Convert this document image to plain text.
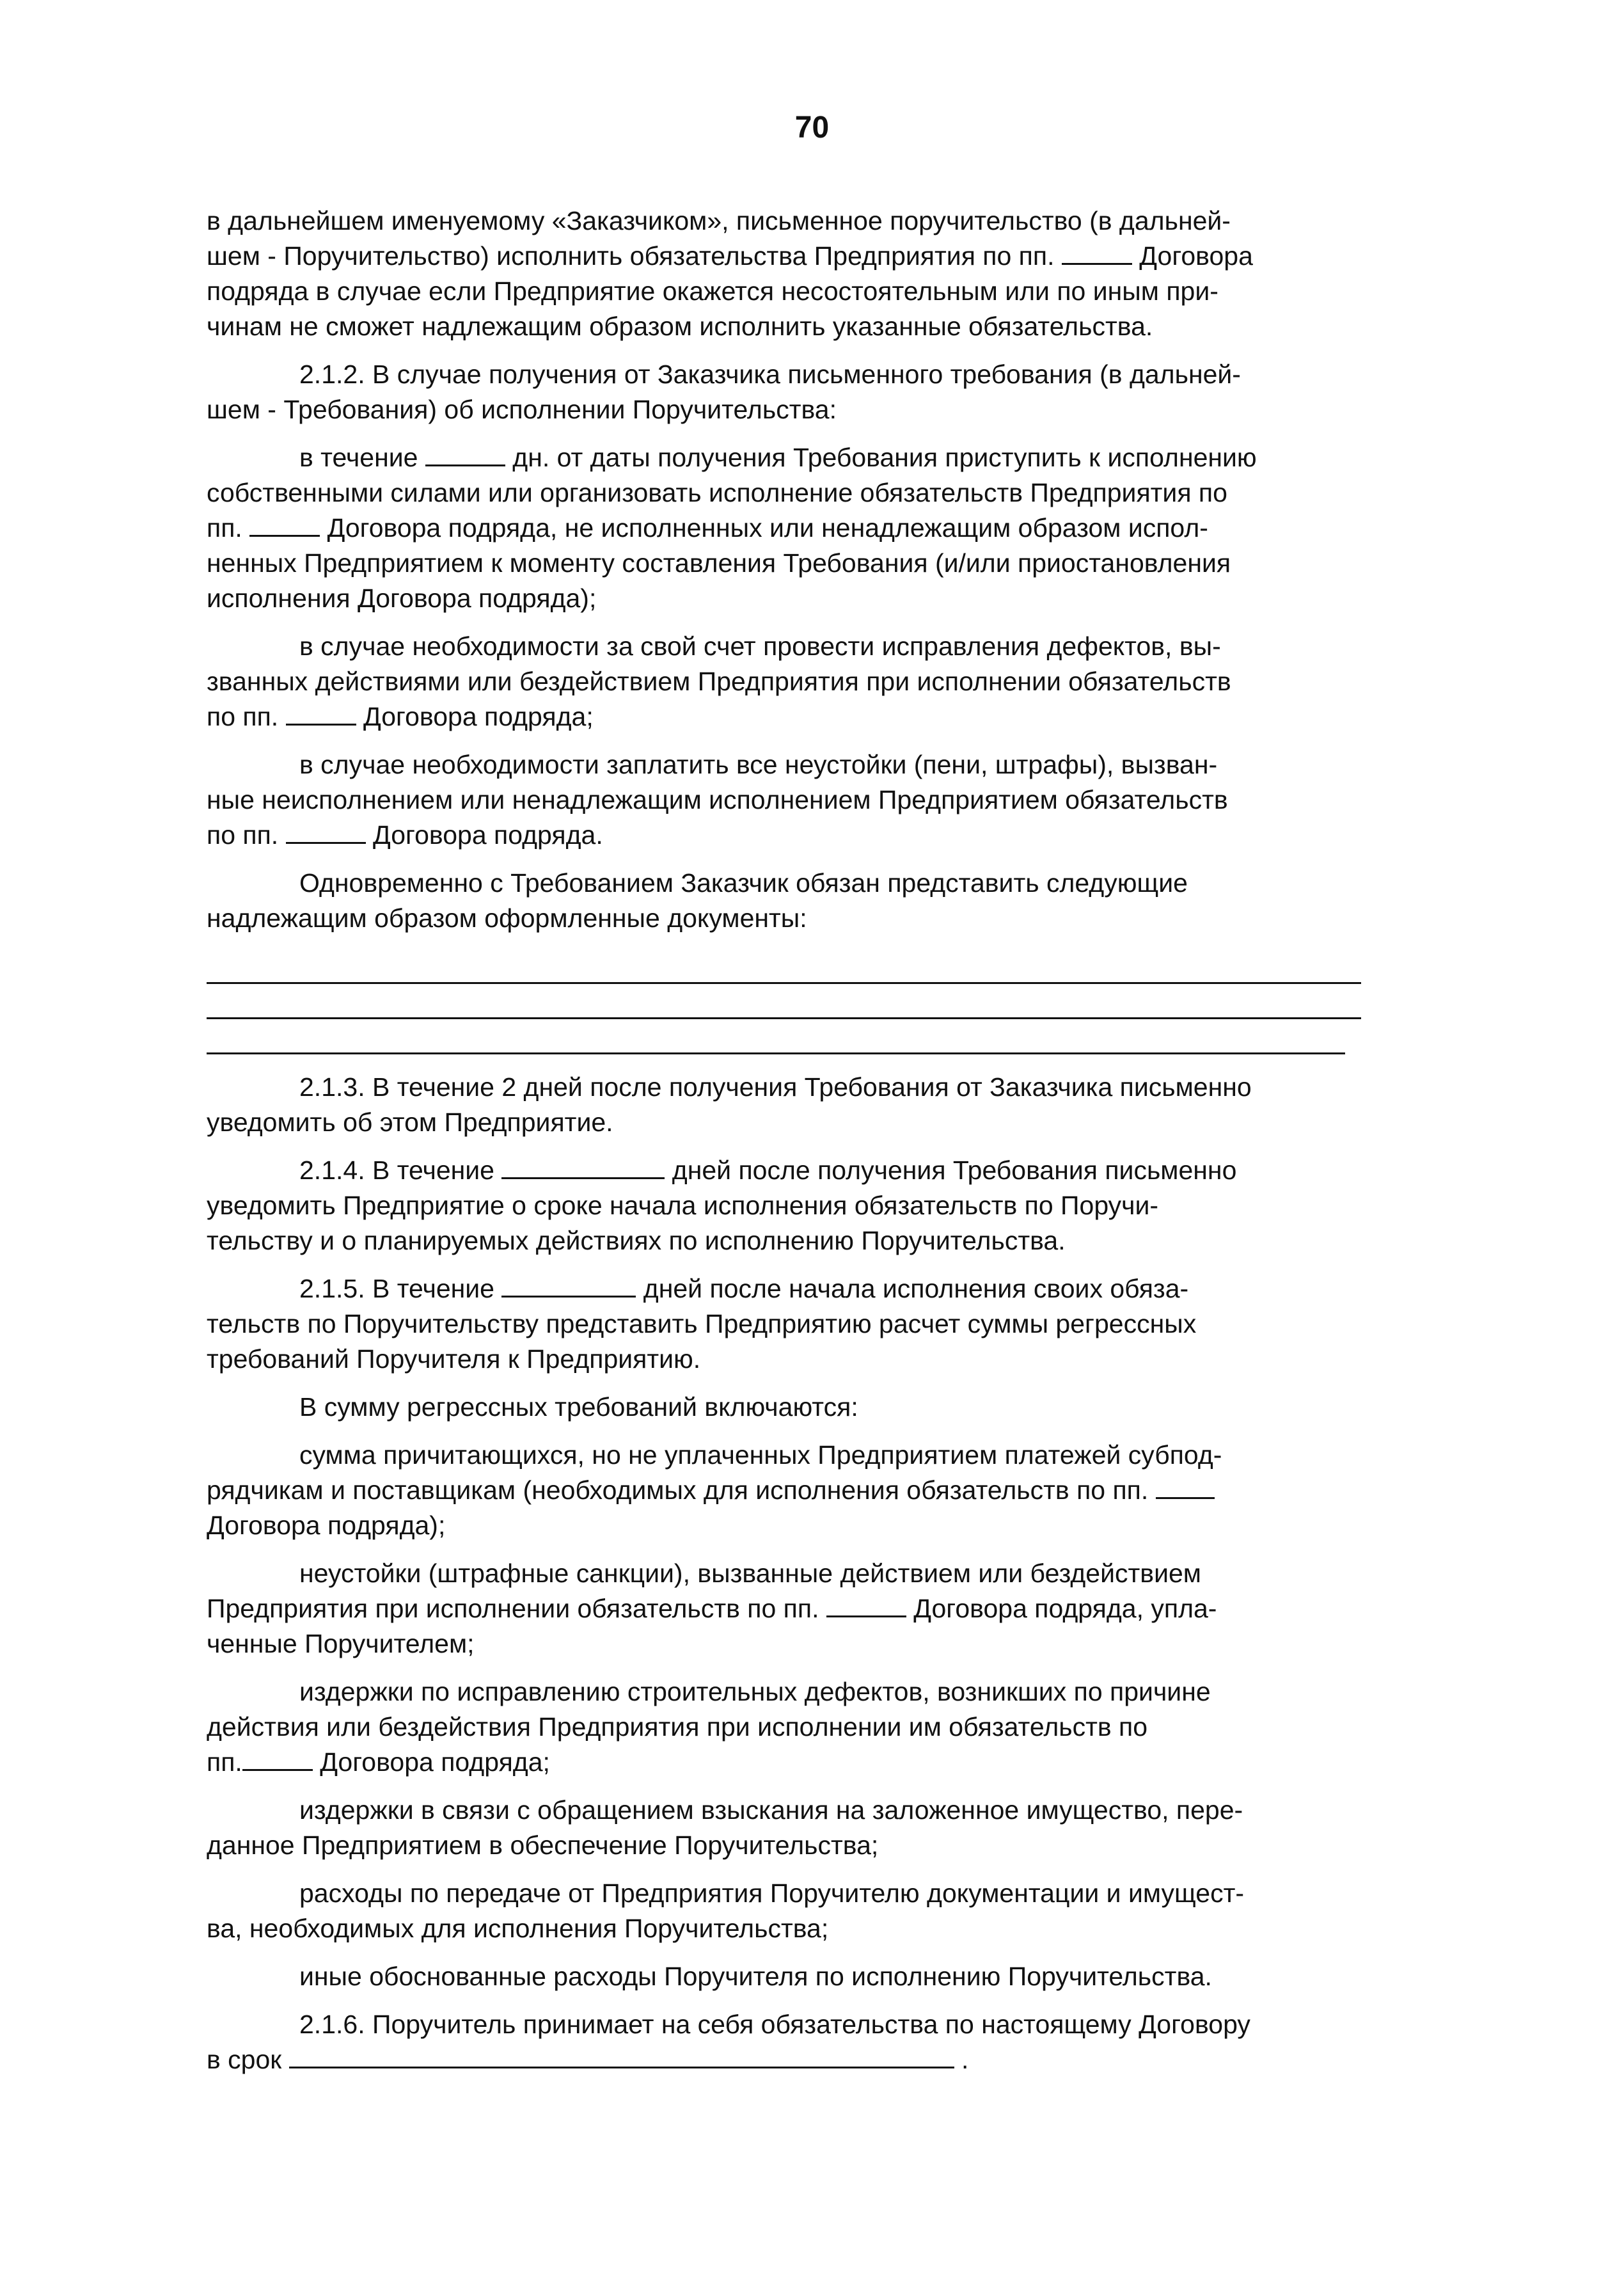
70
в дальнейшем именуемому «Заказчиком», письменное поручительство (в дальней-
шем - Поручительство) исполнить обязательства Предприятия по пп.	Договора
подряда в случае если Предприятие окажется несостоятельным или по иным при-
чинам не сможет надлежащим образом исполнить указанные обязательства.
2.1.2. В случае получения от Заказчика письменного требования (в дальней-
шем - Требования) об исполнении Поручительства:
в течение	дн. от даты получения Требования приступить к исполнению
собственными силами или организовать исполнение обязательств Предприятия по
пп.	Договора подряда, не исполненных или ненадлежащим образом испол-
ненных Предприятием к моменту составления Требования (и/или приостановления
исполнения Договора подряда);
в случае необходимости за свой счет провести исправления дефектов, вы-
званных действиями или бездействием Предприятия при исполнении обязательств
по пп.	Договора подряда;
в случае необходимости заплатить все неустойки (пени, штрафы), вызван-
ные неисполнением или ненадлежащим исполнением Предприятием обязательств
по пп.	Договора подряда.
Одновременно с Требованием Заказчик обязан представить следующие
надлежащим образом оформленные документы:
2.1.3. В течение 2 дней после получения Требования от Заказчика письменно
уведомить об этом Предприятие.
2.1.4. В течение	дней после получения Требования письменно
уведомить Предприятие о сроке начала исполнения обязательств по Поручи-
тельству и о планируемых действиях по исполнению Поручительства.
2.1.5. В течение	дней после начала исполнения своих обяза-
тельств по Поручительству представить Предприятию расчет суммы регрессных
требований Поручителя к Предприятию.
В сумму регрессных требований включаются:
сумма причитающихся, но не уплаченных Предприятием платежей субпод-
рядчикам и поставщикам (необходимых для исполнения обязательств по пп.
Договора подряда);
неустойки (штрафные санкции), вызванные действием или бездействием
Предприятия при исполнении обязательств по пп.	Договора подряда, упла-
ченные Поручителем;
издержки по исправлению строительных дефектов, возникших по причине
действия или бездействия Предприятия при исполнении им обязательств по
пп.	Договора подряда;
издержки в связи с обращением взыскания на заложенное имущество, пере-
данное Предприятием в обеспечение Поручительства;
расходы по передаче от Предприятия Поручителю документации и имущест-
ва, необходимых для исполнения Поручительства;
иные обоснованные расходы Поручителя по исполнению Поручительства.
2.1.6. Поручитель принимает на себя обязательства по настоящему Договору
в срок	.
